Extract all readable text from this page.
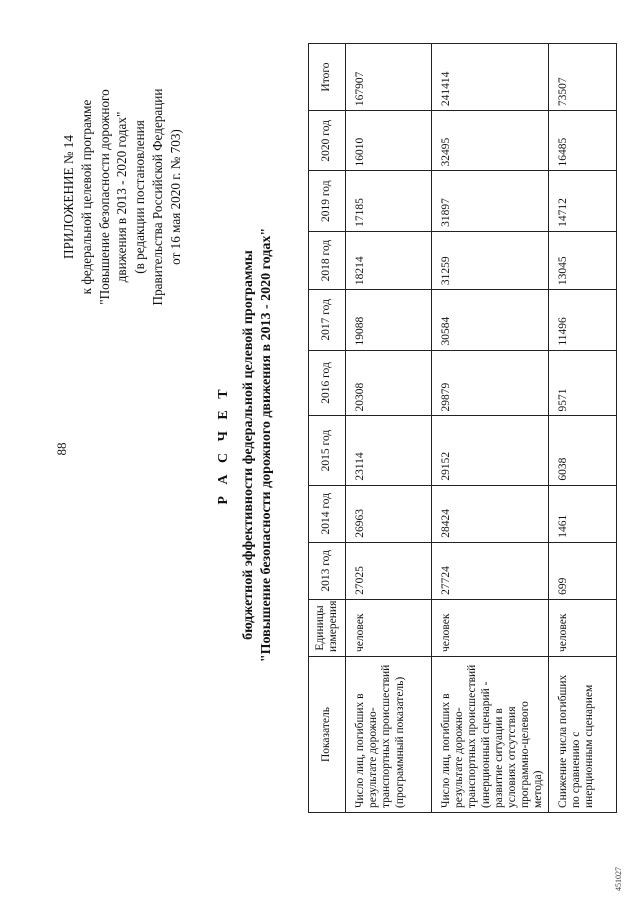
88
ПРИЛОЖЕНИЕ № 14 к федеральной целевой программе "Повышение безопасности дорожного движения в 2013 - 2020 годах" (в редакции постановления Правительства Российской Федерации от 16 мая 2020 г. № 703)
Р А С Ч Е Т бюджетной эффективности федеральной целевой программы "Повышение безопасности дорожного движения в 2013 - 2020 годах"
Показатель	Единицы измерения	2013 год	2014 год	2015 год	2016 год	2017 год	2018 год	2019 год	2020 год	Итого
Число лиц, погибших в результате дорожно-транспортных происшествий (программный показатель)	человек	27025	26963	23114	20308	19088	18214	17185	16010	167907
Число лиц, погибших в результате дорожно-транспортных происшествий (инерционный сценарий - развитие ситуации в условиях отсутствия программно-целевого метода)	человек	27724	28424	29152	29879	30584	31259	31897	32495	241414
Снижение числа погибших по сравнению с инерционным сценарием	человек	699	1461	6038	9571	11496	13045	14712	16485	73507
451027
